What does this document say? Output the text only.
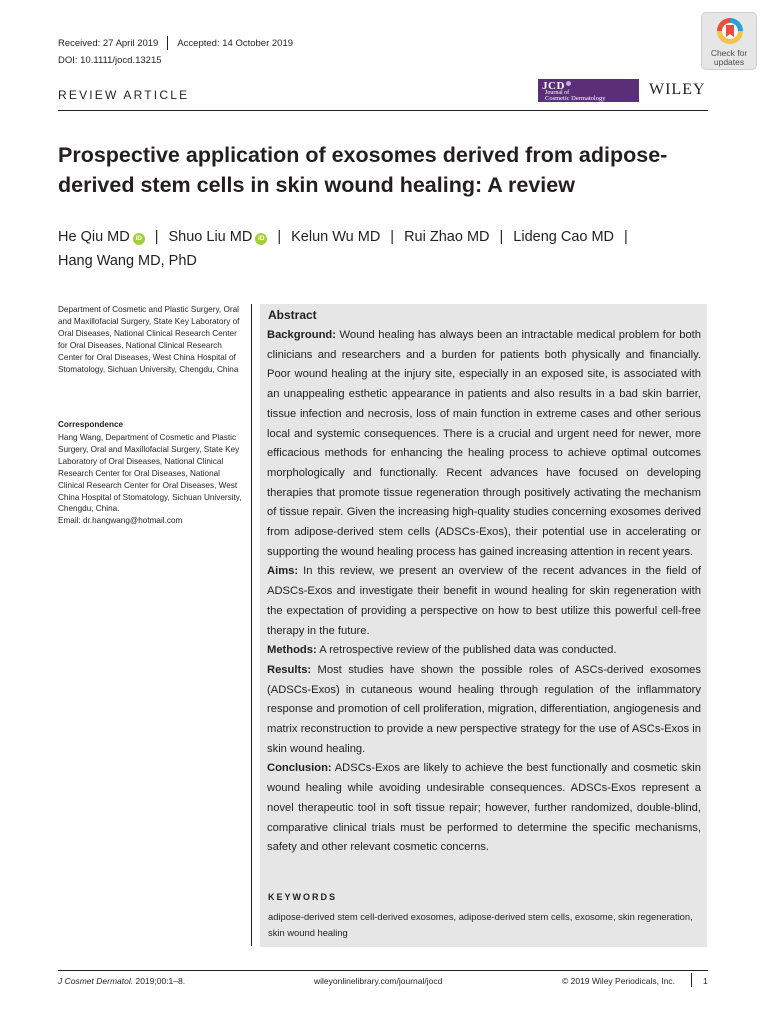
Received: 27 April 2019 Accepted: 14 October 2019
DOI: 10.1111/jocd.13215
REVIEW ARTICLE
Check for updates
JCD
Journal of
Cosmetic Dermatology	WILEY
Prospective application of exosomes derived from adipose-derived stem cells in skin wound healing: A review
He Qiu MD iD | Shuo Liu MD iD | Kelun Wu MD | Rui Zhao MD | Lideng Cao MD |
Hang Wang MD, PhD
Department of Cosmetic and Plastic Surgery, Oral and Maxillofacial Surgery, State Key Laboratory of Oral Diseases, National Clinical Research Center for Oral Diseases, National Clinical Research Center for Oral Diseases, West China Hospital of Stomatology, Sichuan University, Chengdu, China
Correspondence
Hang Wang, Department of Cosmetic and Plastic Surgery, Oral and Maxillofacial Surgery, State Key Laboratory of Oral Diseases, National Clinical Research Center for Oral Diseases, National Clinical Research Center for Oral Diseases, West China Hospital of Stomatology, Sichuan University, Chengdu, China.
Email: dr.hangwang@hotmail.com
Abstract

Background: Wound healing has always been an intractable medical problem for both clinicians and researchers and a burden for patients both physically and financially. Poor wound healing at the injury site, especially in an exposed site, is associated with an unappealing esthetic appearance in patients and also results in a bad skin barrier, tissue infection and necrosis, loss of main function in extreme cases and other serious local and systemic consequences. There is a crucial and urgent need for newer, more efficacious methods for enhancing the healing process to achieve optimal outcomes morphologically and functionally. Recent advances have focused on developing therapies that promote tissue regeneration through positively activating the mechanism of tissue repair. Given the increasing high-quality studies concerning exosomes derived from adipose-derived stem cells (ADSCs-Exos), their potential use in accelerating or supporting the wound healing process has gained increasing attention in recent years.

Aims: In this review, we present an overview of the recent advances in the field of ADSCs-Exos and investigate their benefit in wound healing for skin regeneration with the expectation of providing a perspective on how to best utilize this powerful cell-free therapy in the future.

Methods: A retrospective review of the published data was conducted.

Results: Most studies have shown the possible roles of ASCs-derived exosomes (ADSCs-Exos) in cutaneous wound healing through regulation of the inflammatory response and promotion of cell proliferation, migration, differentiation, angiogenesis and matrix reconstruction to provide a new perspective strategy for the use of ASCs-Exos in skin wound healing.

Conclusion: ADSCs-Exos are likely to achieve the best functionally and cosmetic skin wound healing while avoiding undesirable consequences. ADSCs-Exos represent a novel therapeutic tool in soft tissue repair; however, further randomized, double-blind, comparative clinical trials must be performed to determine the specific mechanisms, safety and other relevant cosmetic concerns.

KEYWORDS
adipose-derived stem cell-derived exosomes, adipose-derived stem cells, exosome, skin regeneration, skin wound healing
J Cosmet Dermatol. 2019;00:1–8.	wileyonlinelibrary.com/journal/jocd	© 2019 Wiley Periodicals, Inc.	1
